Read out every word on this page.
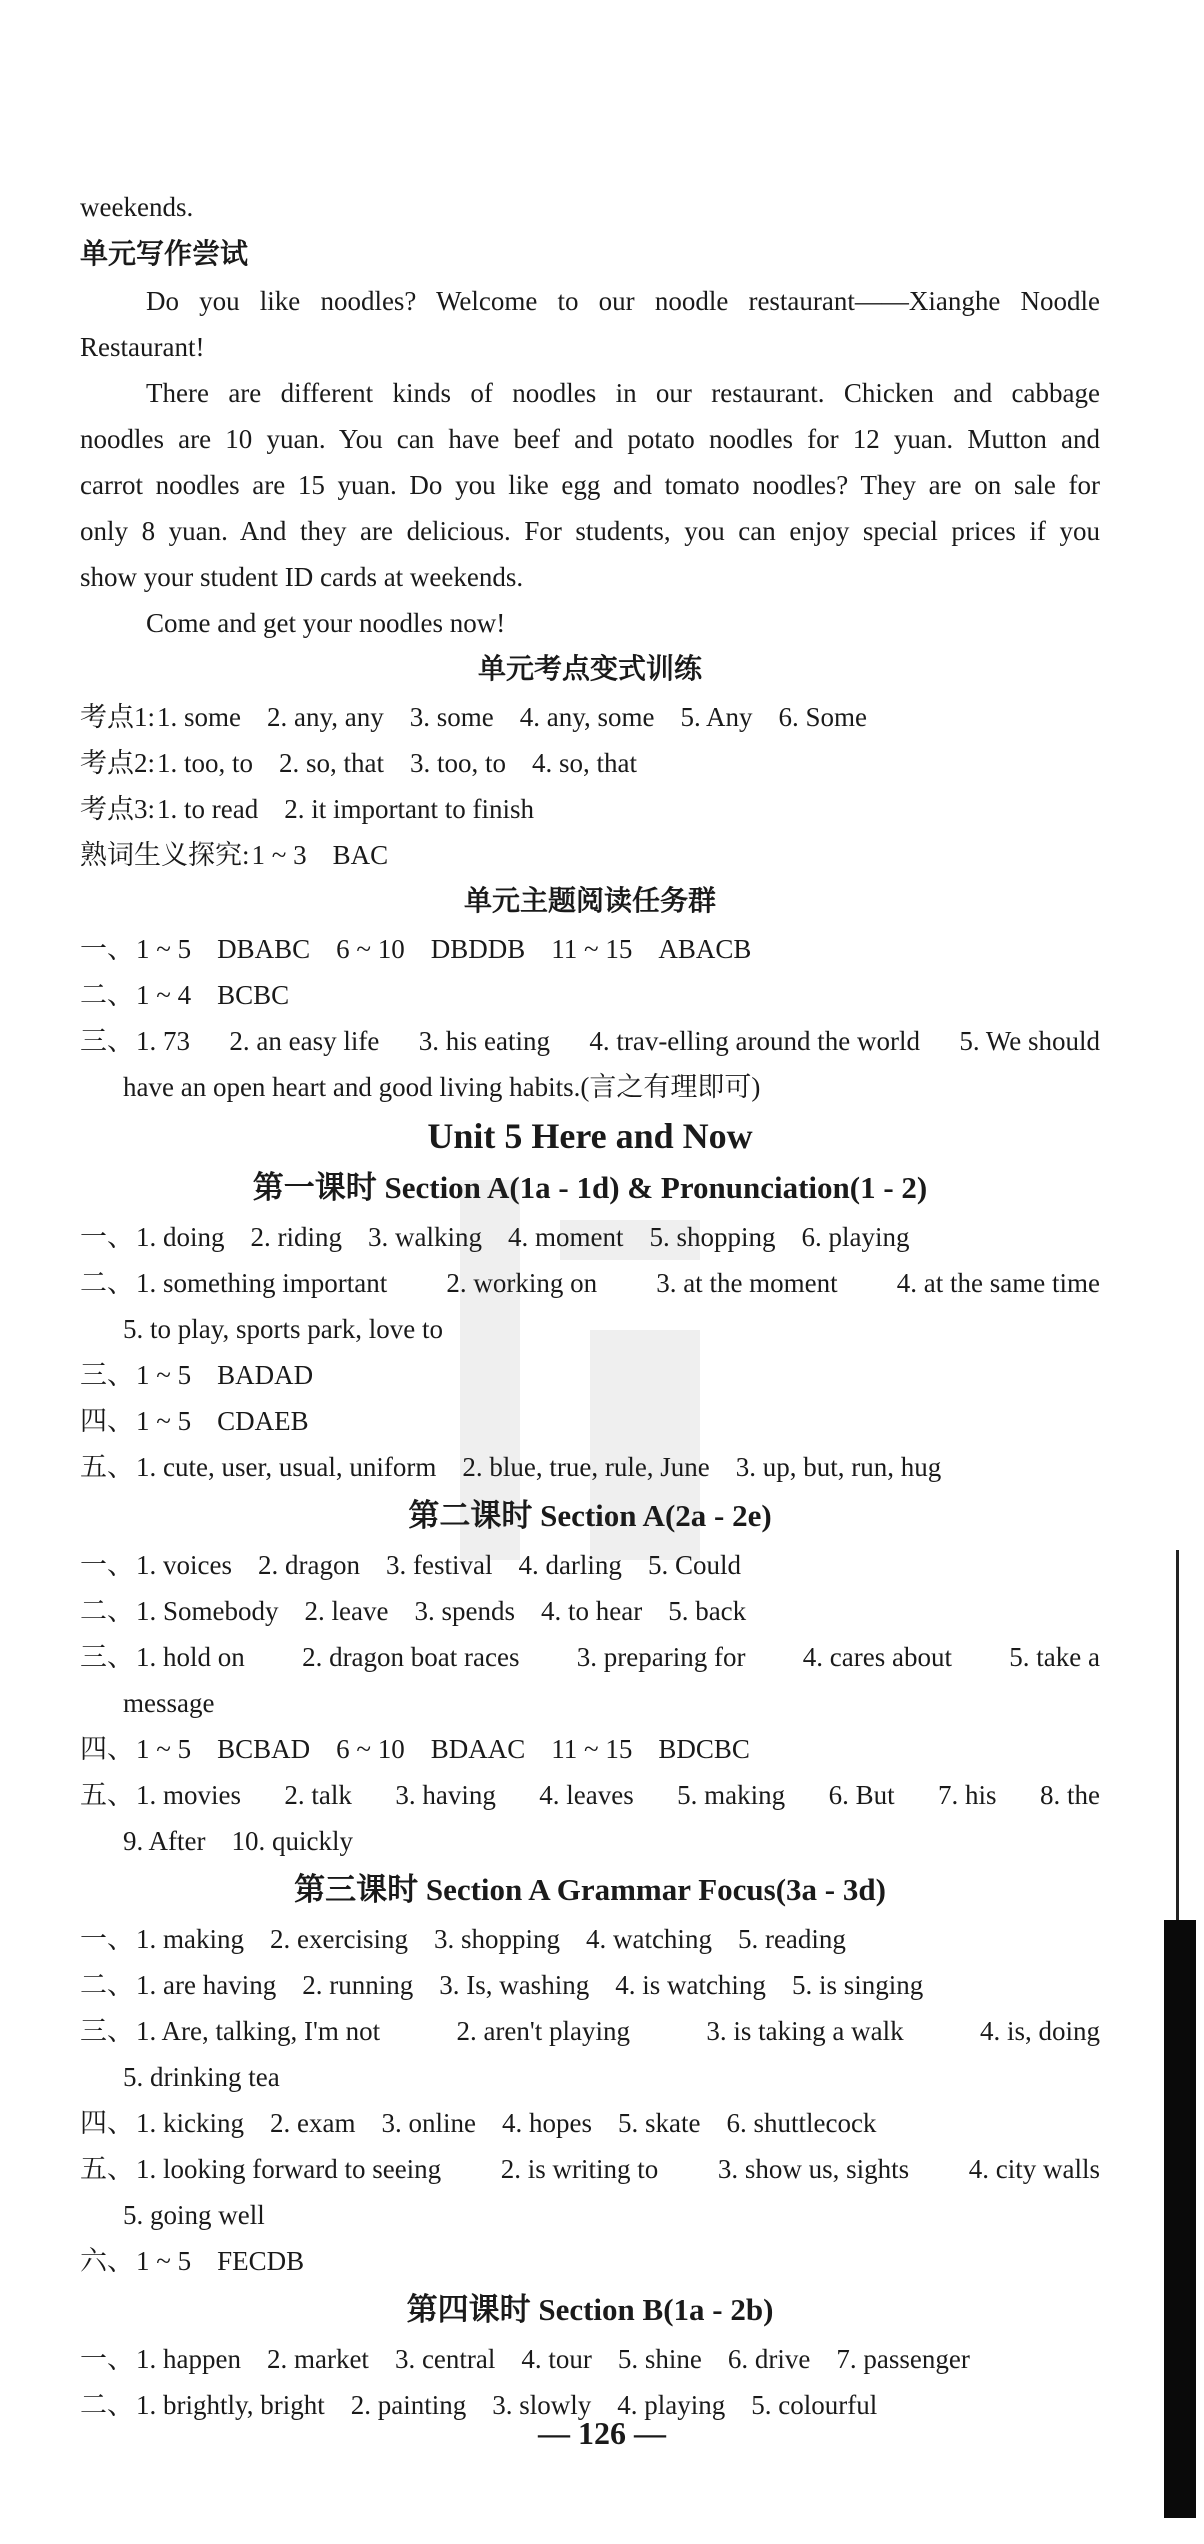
weekends.
单元写作尝试
Do you like noodles? Welcome to our noodle restaurant——Xianghe Noodle
Restaurant!
There are different kinds of noodles in our restaurant. Chicken and cabbage
noodles are 10 yuan. You can have beef and potato noodles for 12 yuan. Mutton and
carrot noodles are 15 yuan. Do you like egg and tomato noodles? They are on sale for
only 8 yuan. And they are delicious. For students, you can enjoy special prices if you
show your student ID cards at weekends.
Come and get your noodles now!
单元考点变式训练
考点1: 1. some 2. any, any 3. some 4. any, some 5. Any 6. Some
考点2: 1. too, to 2. so, that 3. too, to 4. so, that
考点3: 1. to read 2. it important to finish
熟词生义探究: 1 ~ 3 BAC
单元主题阅读任务群
一、 1 ~ 5 DBABC 6 ~ 10 DBDDB 11 ~ 15 ABACB
二、 1 ~ 4 BCBC
三、 1. 73 2. an easy life 3. his eating 4. trav-elling around the world 5. We should
have an open heart and good living habits.(言之有理即可)
Unit 5 Here and Now
第一课时 Section A(1a - 1d) & Pronunciation(1 - 2)
一、 1. doing 2. riding 3. walking 4. moment 5. shopping 6. playing
二、 1. something important 2. working on 3. at the moment 4. at the same time
5. to play, sports park, love to
三、 1 ~ 5 BADAD
四、 1 ~ 5 CDAEB
五、 1. cute, user, usual, uniform 2. blue, true, rule, June 3. up, but, run, hug
第二课时 Section A(2a - 2e)
一、 1. voices 2. dragon 3. festival 4. darling 5. Could
二、 1. Somebody 2. leave 3. spends 4. to hear 5. back
三、 1. hold on 2. dragon boat races 3. preparing for 4. cares about 5. take a
message
四、 1 ~ 5 BCBAD 6 ~ 10 BDAAC 11 ~ 15 BDCBC
五、 1. movies 2. talk 3. having 4. leaves 5. making 6. But 7. his 8. the
9. After 10. quickly
第三课时 Section A Grammar Focus(3a - 3d)
一、 1. making 2. exercising 3. shopping 4. watching 5. reading
二、 1. are having 2. running 3. Is, washing 4. is watching 5. is singing
三、 1. Are, talking, I'm not	2. aren't playing	3. is taking a walk	4. is, doing
5. drinking tea
四、 1. kicking 2. exam 3. online 4. hopes 5. skate 6. shuttlecock
五、 1. looking forward to seeing 2. is writing to 3. show us, sights 4. city walls
5. going well
六、 1 ~ 5 FECDB
第四课时 Section B(1a - 2b)
一、 1. happen 2. market 3. central 4. tour 5. shine 6. drive 7. passenger
二、 1. brightly, bright 2. painting 3. slowly 4. playing 5. colourful
— 126 —
